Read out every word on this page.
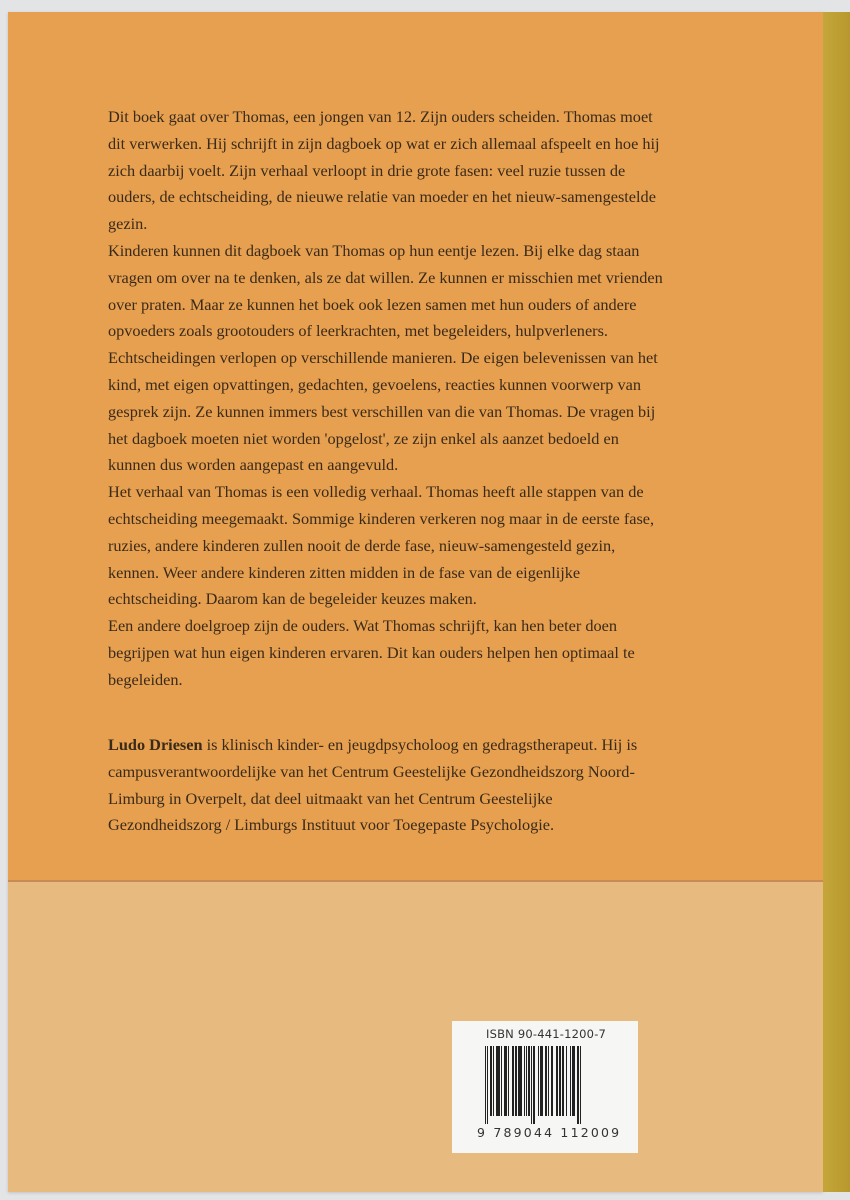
Dit boek gaat over Thomas, een jongen van 12. Zijn ouders scheiden. Thomas moet dit verwerken. Hij schrijft in zijn dagboek op wat er zich allemaal afspeelt en hoe hij zich daarbij voelt. Zijn verhaal verloopt in drie grote fasen: veel ruzie tussen de ouders, de echtscheiding, de nieuwe relatie van moeder en het nieuw-samengestelde gezin.

Kinderen kunnen dit dagboek van Thomas op hun eentje lezen. Bij elke dag staan vragen om over na te denken, als ze dat willen. Ze kunnen er misschien met vrienden over praten. Maar ze kunnen het boek ook lezen samen met hun ouders of andere opvoeders zoals grootouders of leerkrachten, met begeleiders, hulpverleners.

Echtscheidingen verlopen op verschillende manieren. De eigen belevenissen van het kind, met eigen opvattingen, gedachten, gevoelens, reacties kunnen voorwerp van gesprek zijn. Ze kunnen immers best verschillen van die van Thomas. De vragen bij het dagboek moeten niet worden 'opgelost', ze zijn enkel als aanzet bedoeld en kunnen dus worden aangepast en aangevuld.

Het verhaal van Thomas is een volledig verhaal. Thomas heeft alle stappen van de echtscheiding meegemaakt. Sommige kinderen verkeren nog maar in de eerste fase, ruzies, andere kinderen zullen nooit de derde fase, nieuw-samengesteld gezin, kennen. Weer andere kinderen zitten midden in de fase van de eigenlijke echtscheiding. Daarom kan de begeleider keuzes maken.

Een andere doelgroep zijn de ouders. Wat Thomas schrijft, kan hen beter doen begrijpen wat hun eigen kinderen ervaren. Dit kan ouders helpen hen optimaal te begeleiden.

Ludo Driesen is klinisch kinder- en jeugdpsycholoog en gedragstherapeut. Hij is campusverantwoordelijke van het Centrum Geestelijke Gezondheidszorg Noord-Limburg in Overpelt, dat deel uitmaakt van het Centrum Geestelijke Gezondheidszorg / Limburgs Instituut voor Toegepaste Psychologie.

ISBN 90-441-1200-7
9 789044 112009
